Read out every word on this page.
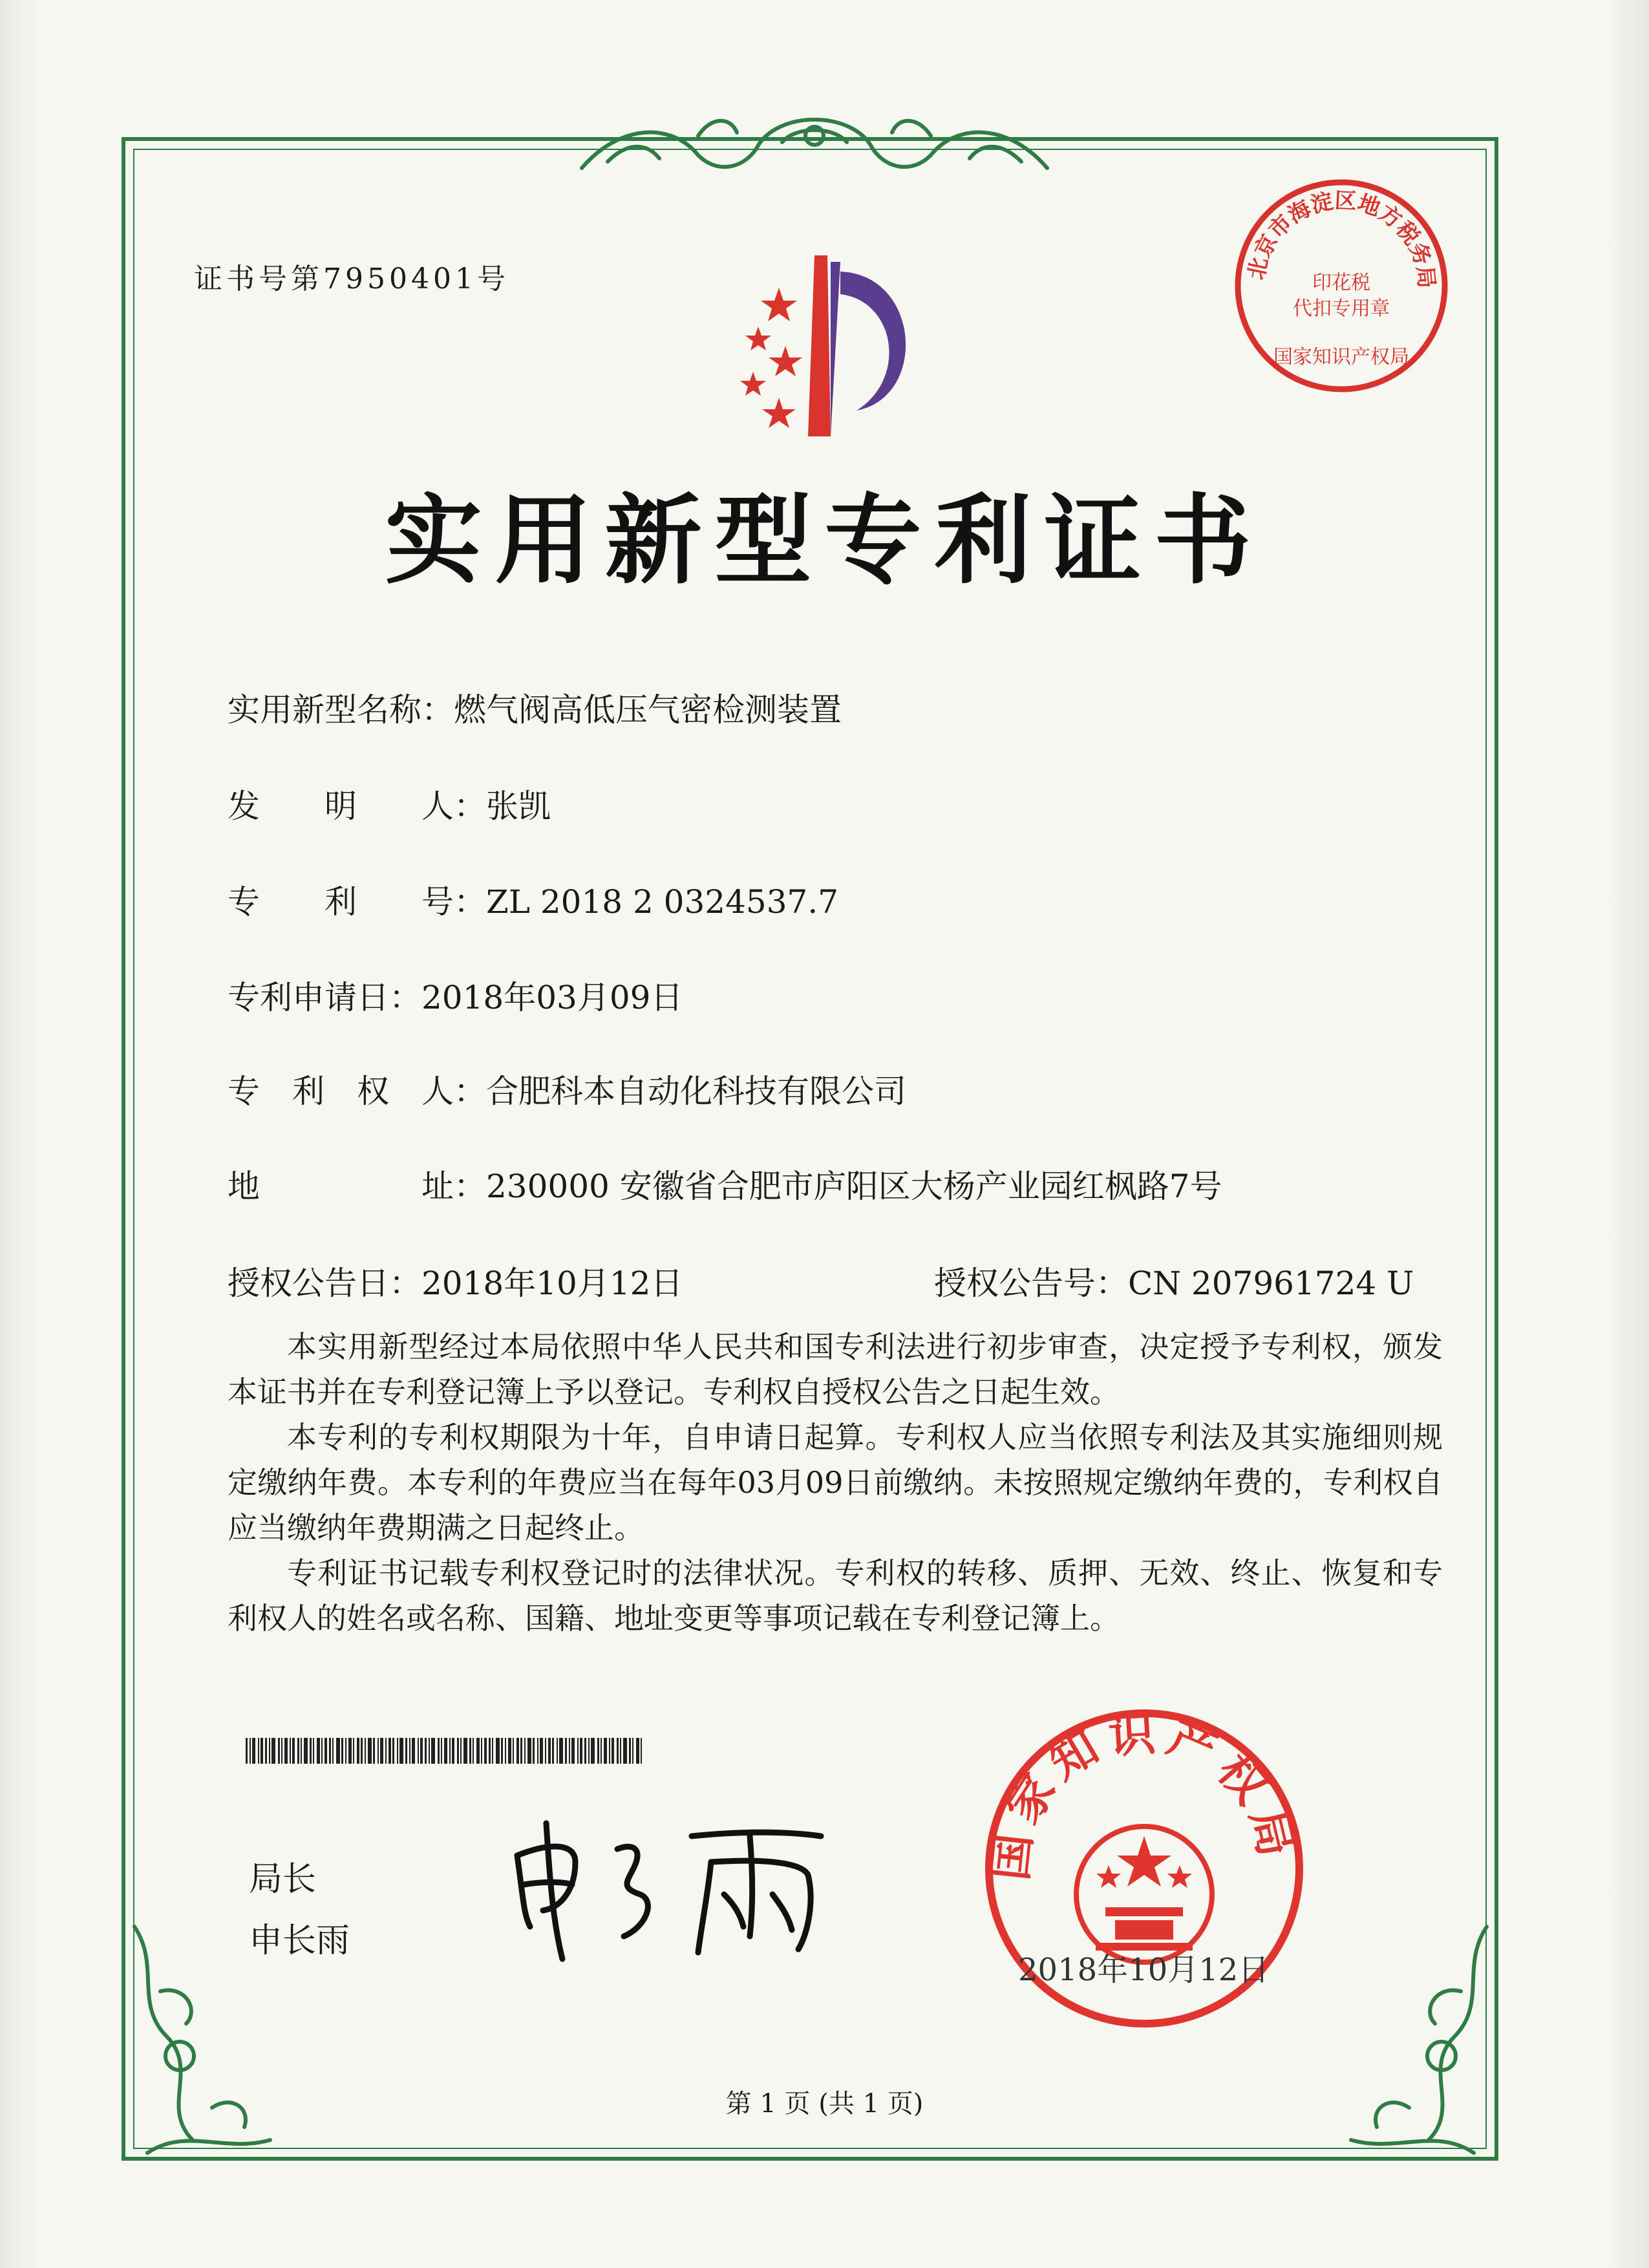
证书号第7950401号	北京市海淀区地方税务局
印花税
代扣专用章
国家知识产权局
实用新型专利证书
实用新型名称：燃气阀高低压气密检测装置
发　　明　　人：张凯
专　　利　　号：ZL 2018 2 0324537.7
专利申请日：2018年03月09日
专　利　权　人：合肥科本自动化科技有限公司
地　　　　　址：230000 安徽省合肥市庐阳区大杨产业园红枫路7号
授权公告日：2018年10月12日	授权公告号：CN 207961724 U

本实用新型经过本局依照中华人民共和国专利法进行初步审查，决定授予专利权，颁发本证书并在专利登记簿上予以登记。专利权自授权公告之日起生效。

本专利的专利权期限为十年，自申请日起算。专利权人应当依照专利法及其实施细则规定缴纳年费。本专利的年费应当在每年03月09日前缴纳。未按照规定缴纳年费的，专利权自应当缴纳年费期满之日起终止。

专利证书记载专利权登记时的法律状况。专利权的转移、质押、无效、终止、恢复和专利权人的姓名或名称、国籍、地址变更等事项记载在专利登记簿上。

局长
申长雨
国家知识产权局
2018年10月12日
第 1 页 (共 1 页)
